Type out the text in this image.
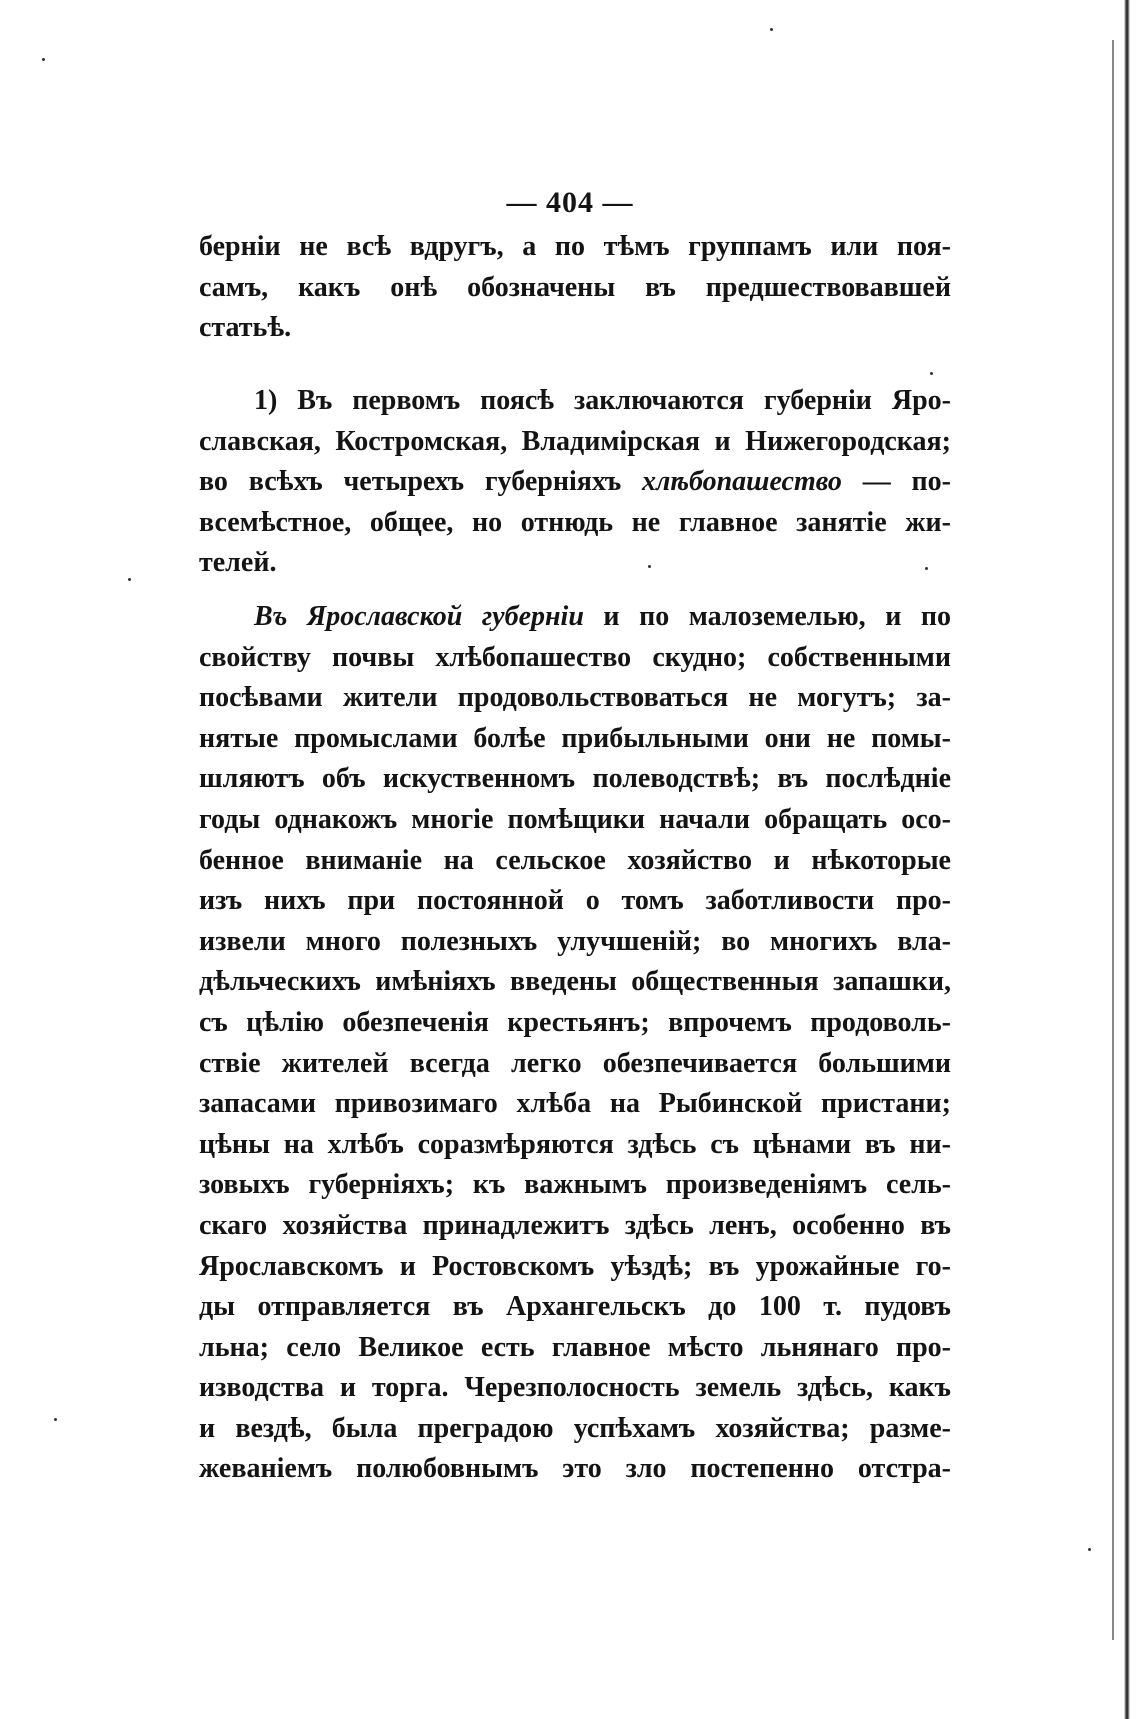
— 404 —
берніи не всѣ вдругъ, а по тѣмъ группамъ или поя-
самъ, какъ онѣ обозначены въ предшествовавшей
статьѣ.
1) Въ первомъ поясѣ заключаются губерніи Яро-
славская, Костромская, Владимірская и Нижегородская;
во всѣхъ четырехъ губерніяхъ хлѣбопашество — по-
всемѣстное, общее, но отнюдь не главное занятіе жи-
телей.
Въ Ярославской губерніи и по малоземелью, и по
свойству почвы хлѣбопашество скудно; собственными
посѣвами жители продовольствоваться не могутъ; за-
нятые промыслами болѣе прибыльными они не помы-
шляютъ объ искуственномъ полеводствѣ; въ послѣдніе
годы однакожъ многіе помѣщики начали обращать осо-
бенное вниманіе на сельское хозяйство и нѣкоторые
изъ нихъ при постоянной о томъ заботливости про-
извели много полезныхъ улучшеній; во многихъ вла-
дѣльческихъ имѣніяхъ введены общественныя запашки,
съ цѣлію обезпеченія крестьянъ; впрочемъ продоволь-
ствіе жителей всегда легко обезпечивается большими
запасами привозимаго хлѣба на Рыбинской пристани;
цѣны на хлѣбъ соразмѣряются здѣсь съ цѣнами въ ни-
зовыхъ губерніяхъ; къ важнымъ произведеніямъ сель-
скаго хозяйства принадлежитъ здѣсь ленъ, особенно въ
Ярославскомъ и Ростовскомъ уѣздѣ; въ урожайные го-
ды отправляется въ Архангельскъ до 100 т. пудовъ
льна; село Великое есть главное мѣсто льнянаго про-
изводства и торга. Черезполосность земель здѣсь, какъ
и вездѣ, была преградою успѣхамъ хозяйства; разме-
жеваніемъ полюбовнымъ это зло постепенно отстра-
